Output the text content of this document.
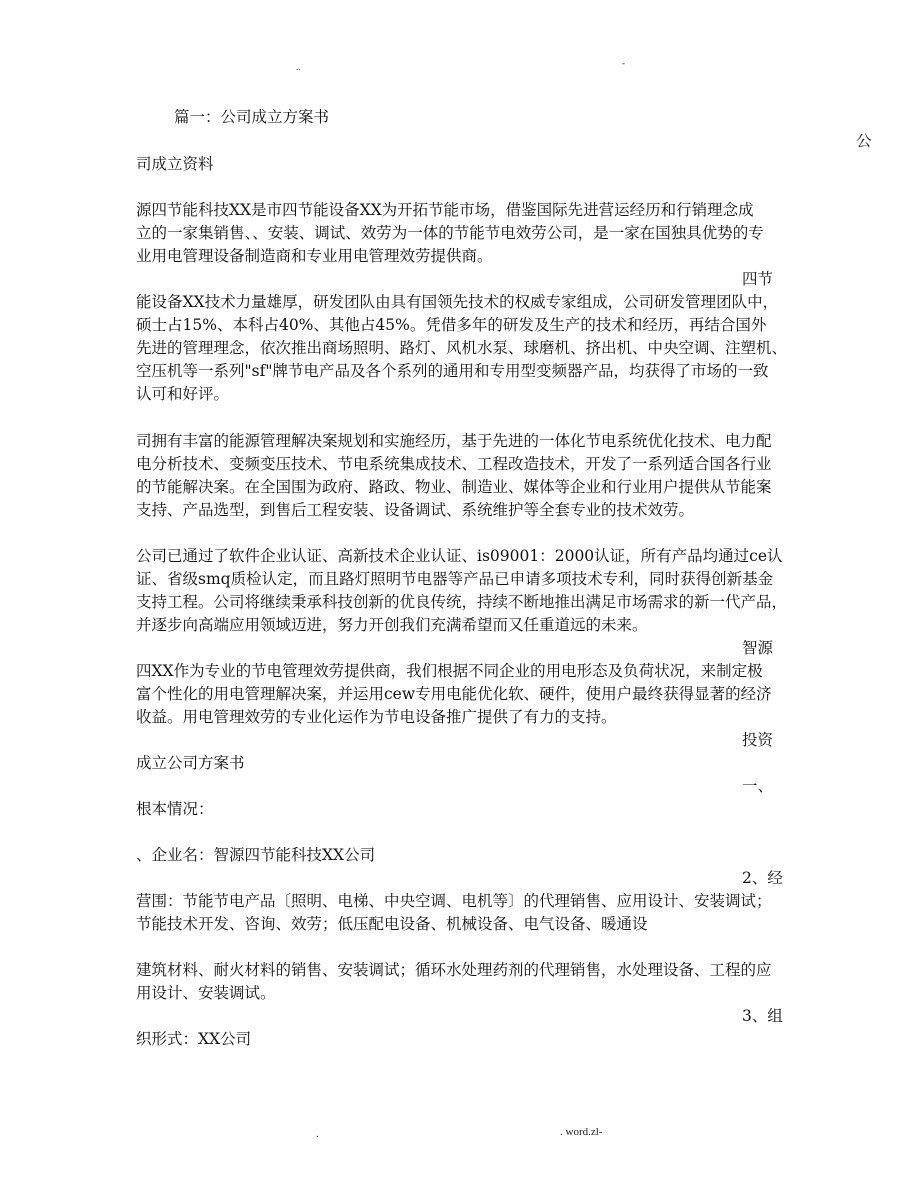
..	-
篇一：公司成立方案书
公
司成立资料
源四节能科技XX是市四节能设备XX为开拓节能市场，借鉴国际先进营运经历和行销理念成
立的一家集销售、、安装、调试、效劳为一体的节能节电效劳公司，是一家在国独具优势的专
业用电管理设备制造商和专业用电管理效劳提供商。
四节
能设备XX技术力量雄厚，研发团队由具有国领先技术的权威专家组成，公司研发管理团队中，
硕士占15%、本科占40%、其他占45%。凭借多年的研发及生产的技术和经历，再结合国外
先进的管理理念，依次推出商场照明、路灯、风机水泵、球磨机、挤出机、中央空调、注塑机、
空压机等一系列"sf"牌节电产品及各个系列的通用和专用型变频器产品，均获得了市场的一致
认可和好评。
司拥有丰富的能源管理解决案规划和实施经历，基于先进的一体化节电系统优化技术、电力配
电分析技术、变频变压技术、节电系统集成技术、工程改造技术，开发了一系列适合国各行业
的节能解决案。在全国围为政府、路政、物业、制造业、媒体等企业和行业用户提供从节能案
支持、产品选型，到售后工程安装、设备调试、系统维护等全套专业的技术效劳。
公司已通过了软件企业认证、高新技术企业认证、is09001：2000认证，所有产品均通过ce认
证、省级smq质检认定，而且路灯照明节电器等产品已申请多项技术专利，同时获得创新基金
支持工程。公司将继续秉承科技创新的优良传统，持续不断地推出满足市场需求的新一代产品，
并逐步向高端应用领域迈进，努力开创我们充满希望而又任重道远的未来。
智源
四XX作为专业的节电管理效劳提供商，我们根据不同企业的用电形态及负荷状况，来制定极
富个性化的用电管理解决案，并运用cew专用电能优化软、硬件，使用户最终获得显著的经济
收益。用电管理效劳的专业化运作为节电设备推广提供了有力的支持。
投资
成立公司方案书
一、
根本情况：
、企业名：智源四节能科技XX公司
2、经
营围：节能节电产品〔照明、电梯、中央空调、电机等〕的代理销售、应用设计、安装调试；
节能技术开发、咨询、效劳；低压配电设备、机械设备、电气设备、暖通设
建筑材料、耐火材料的销售、安装调试；循环水处理药剂的代理销售，水处理设备、工程的应
用设计、安装调试。
3、组
织形式：XX公司
.	. word.zl-
